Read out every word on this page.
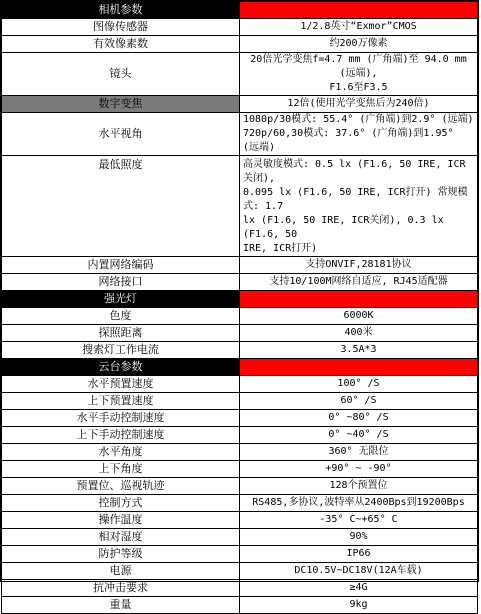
相机参数	
图像传感器	1/2.8英寸“Exmor”CMOS
有效像素数	约200万像素
镜头	20倍光学变焦f=4.7 mm (广角端)至 94.0 mm (远端),
F1.6至F3.5
数字变焦	12倍(使用光学变焦后为240倍)
水平视角	1080p/30模式: 55.4° (广角端)到2.9° (远端)
720p/60,30模式: 37.6° (广角端)到1.95° (远端)
最低照度	高灵敏度模式: 0.5 lx (F1.6, 50 IRE, ICR关闭),
0.095 lx (F1.6, 50 IRE, ICR打开) 常规模式: 1.7
lx (F1.6, 50 IRE, ICR关闭), 0.3 lx (F1.6, 50
IRE, ICR打开)
内置网络编码	支持ONVIF,28181协议
网络接口	支持10/100M网络自适应, RJ45适配器
强光灯	
色度	6000K
探照距离	400米
搜索灯工作电流	3.5A*3
云台参数	
水平预置速度	100° /S
上下预置速度	60° /S
水平手动控制速度	0° ~80° /S
上下手动控制速度	0° ~40° /S
水平角度	360° 无限位
上下角度	+90° ~ -90°
预置位、巡视轨迹	128个预置位
控制方式	RS485,多协议,波特率从2400Bps到19200Bps
操作温度	-35° C~+65° C
相对湿度	90%
防护等级	IP66
电源	DC10.5V~DC18V(12A车载)
抗冲击要求	≥4G
重量	9kg
